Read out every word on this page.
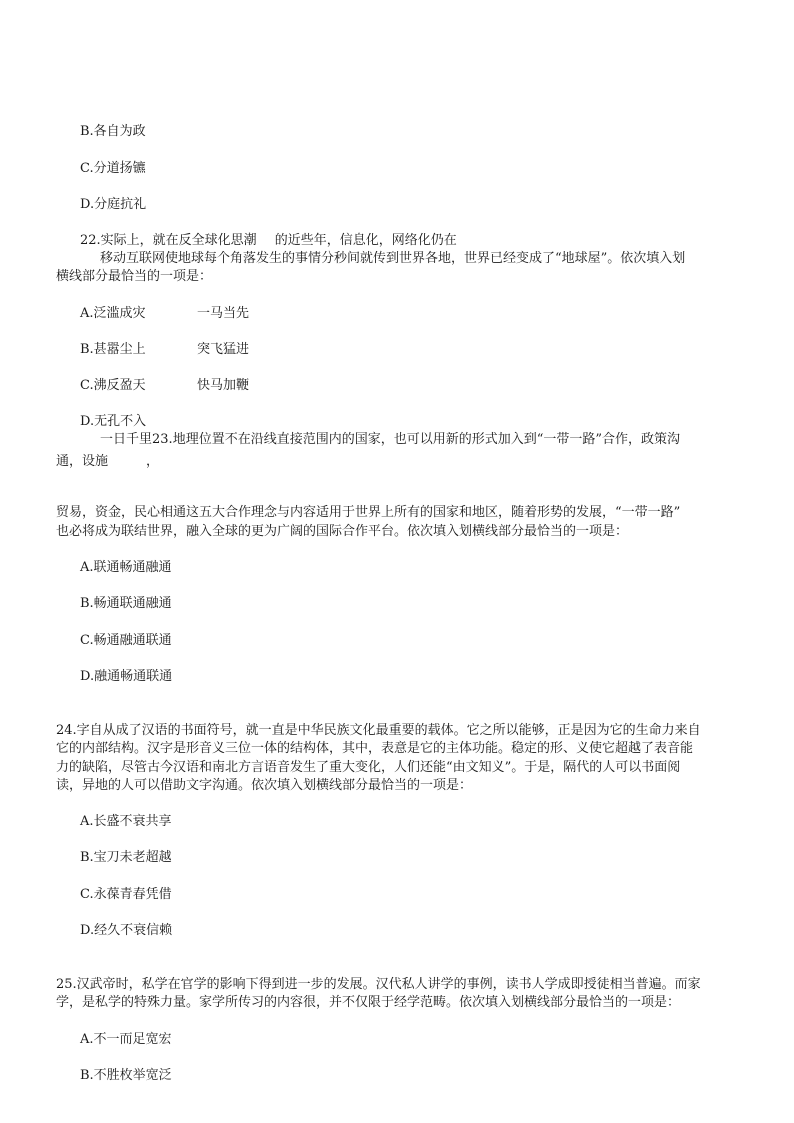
B.各自为政
C.分道扬镳
D.分庭抗礼
22.实际上，就在反全球化思潮 的近些年，信息化，网络化仍在
移动互联网使地球每个角落发生的事情分秒间就传到世界各地，世界已经变成了“地球屋”。依次填入划
横线部分最恰当的一项是：
A.泛滥成灾	一马当先
B.甚嚣尘上	突飞猛进
C.沸反盈天	快马加鞭
D.无孔不入
一日千里23.地理位置不在沿线直接范围内的国家，也可以用新的形式加入到“一带一路”合作，政策沟
通，设施	，
贸易，资金，民心相通这五大合作理念与内容适用于世界上所有的国家和地区，随着形势的发展，“一带一路”
也必将成为联结世界，融入全球的更为广阔的国际合作平台。依次填入划横线部分最恰当的一项是：
A.联通畅通融通
B.畅通联通融通
C.畅通融通联通
D.融通畅通联通
24.字自从成了汉语的书面符号，就一直是中华民族文化最重要的载体。它之所以能够，正是因为它的生命力来自
它的内部结构。汉字是形音义三位一体的结构体，其中，表意是它的主体功能。稳定的形、义使它超越了表音能
力的缺陷，尽管古今汉语和南北方言语音发生了重大变化，人们还能“由文知义”。于是，隔代的人可以书面阅
读，异地的人可以借助文字沟通。依次填入划横线部分最恰当的一项是：
A.长盛不衰共享
B.宝刀未老超越
C.永葆青春凭借
D.经久不衰信赖
25.汉武帝时，私学在官学的影响下得到进一步的发展。汉代私人讲学的事例，读书人学成即授徒相当普遍。而家
学，是私学的特殊力量。家学所传习的内容很，并不仅限于经学范畴。依次填入划横线部分最恰当的一项是：
A.不一而足宽宏
B.不胜枚举宽泛
